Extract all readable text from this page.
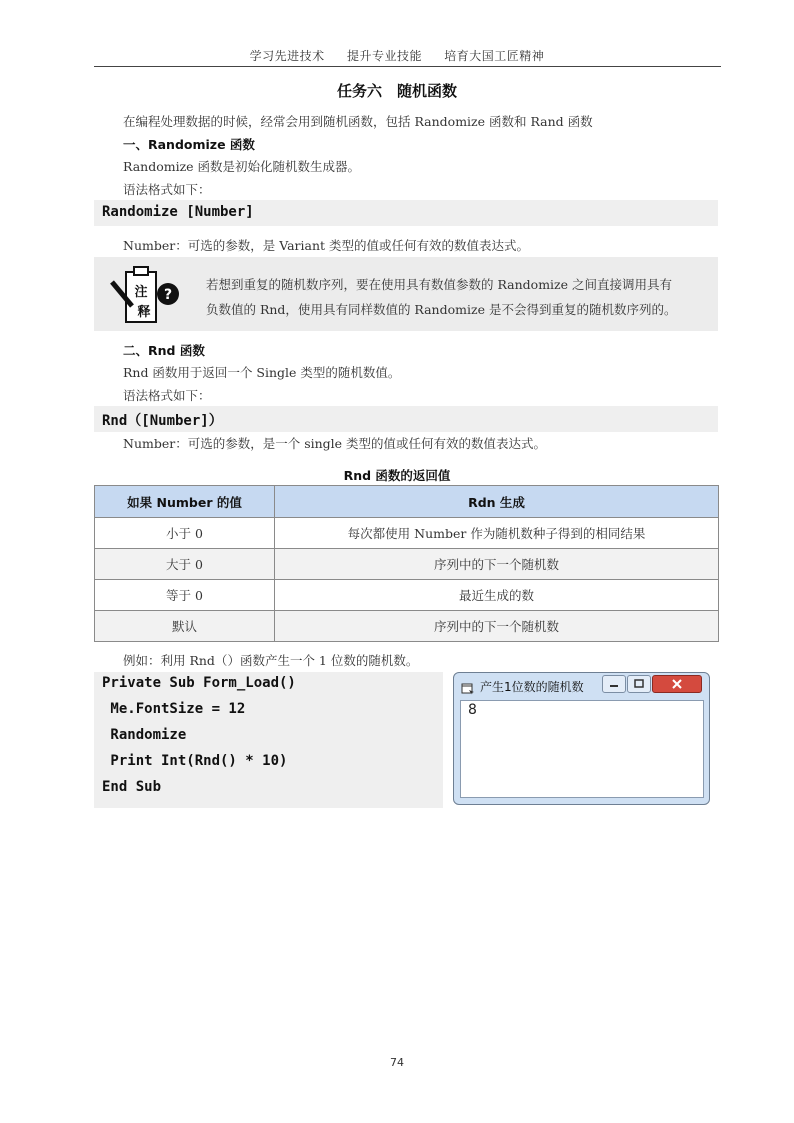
学习先进技术 提升专业技能 培育大国工匠精神
任务六　随机函数
在编程处理数据的时候，经常会用到随机函数，包括 Randomize 函数和 Rand 函数
一、Randomize 函数
Randomize 函数是初始化随机数生成器。
语法格式如下：
Randomize [Number]
Number：可选的参数，是 Variant 类型的值或任何有效的数值表达式。
?
注
释
若想到重复的随机数序列，要在使用具有数值参数的 Randomize 之间直接调用具有
负数值的 Rnd，使用具有同样数值的 Randomize 是不会得到重复的随机数序列的。
二、Rnd 函数
Rnd 函数用于返回一个 Single 类型的随机数值。
语法格式如下：
Rnd（[Number]）
Number：可选的参数，是一个 single 类型的值或任何有效的数值表达式。
Rnd 函数的返回值
如果 Number 的值	Rdn 生成
小于 0	每次都使用 Number 作为随机数种子得到的相同结果
大于 0	序列中的下一个随机数
等于 0	最近生成的数
默认	序列中的下一个随机数
例如：利用 Rnd（）函数产生一个 1 位数的随机数。
Private Sub Form_Load()
Me.FontSize = 12
Randomize
Print Int(Rnd() * 10)
End Sub
产生1位数的随机数
8
74
